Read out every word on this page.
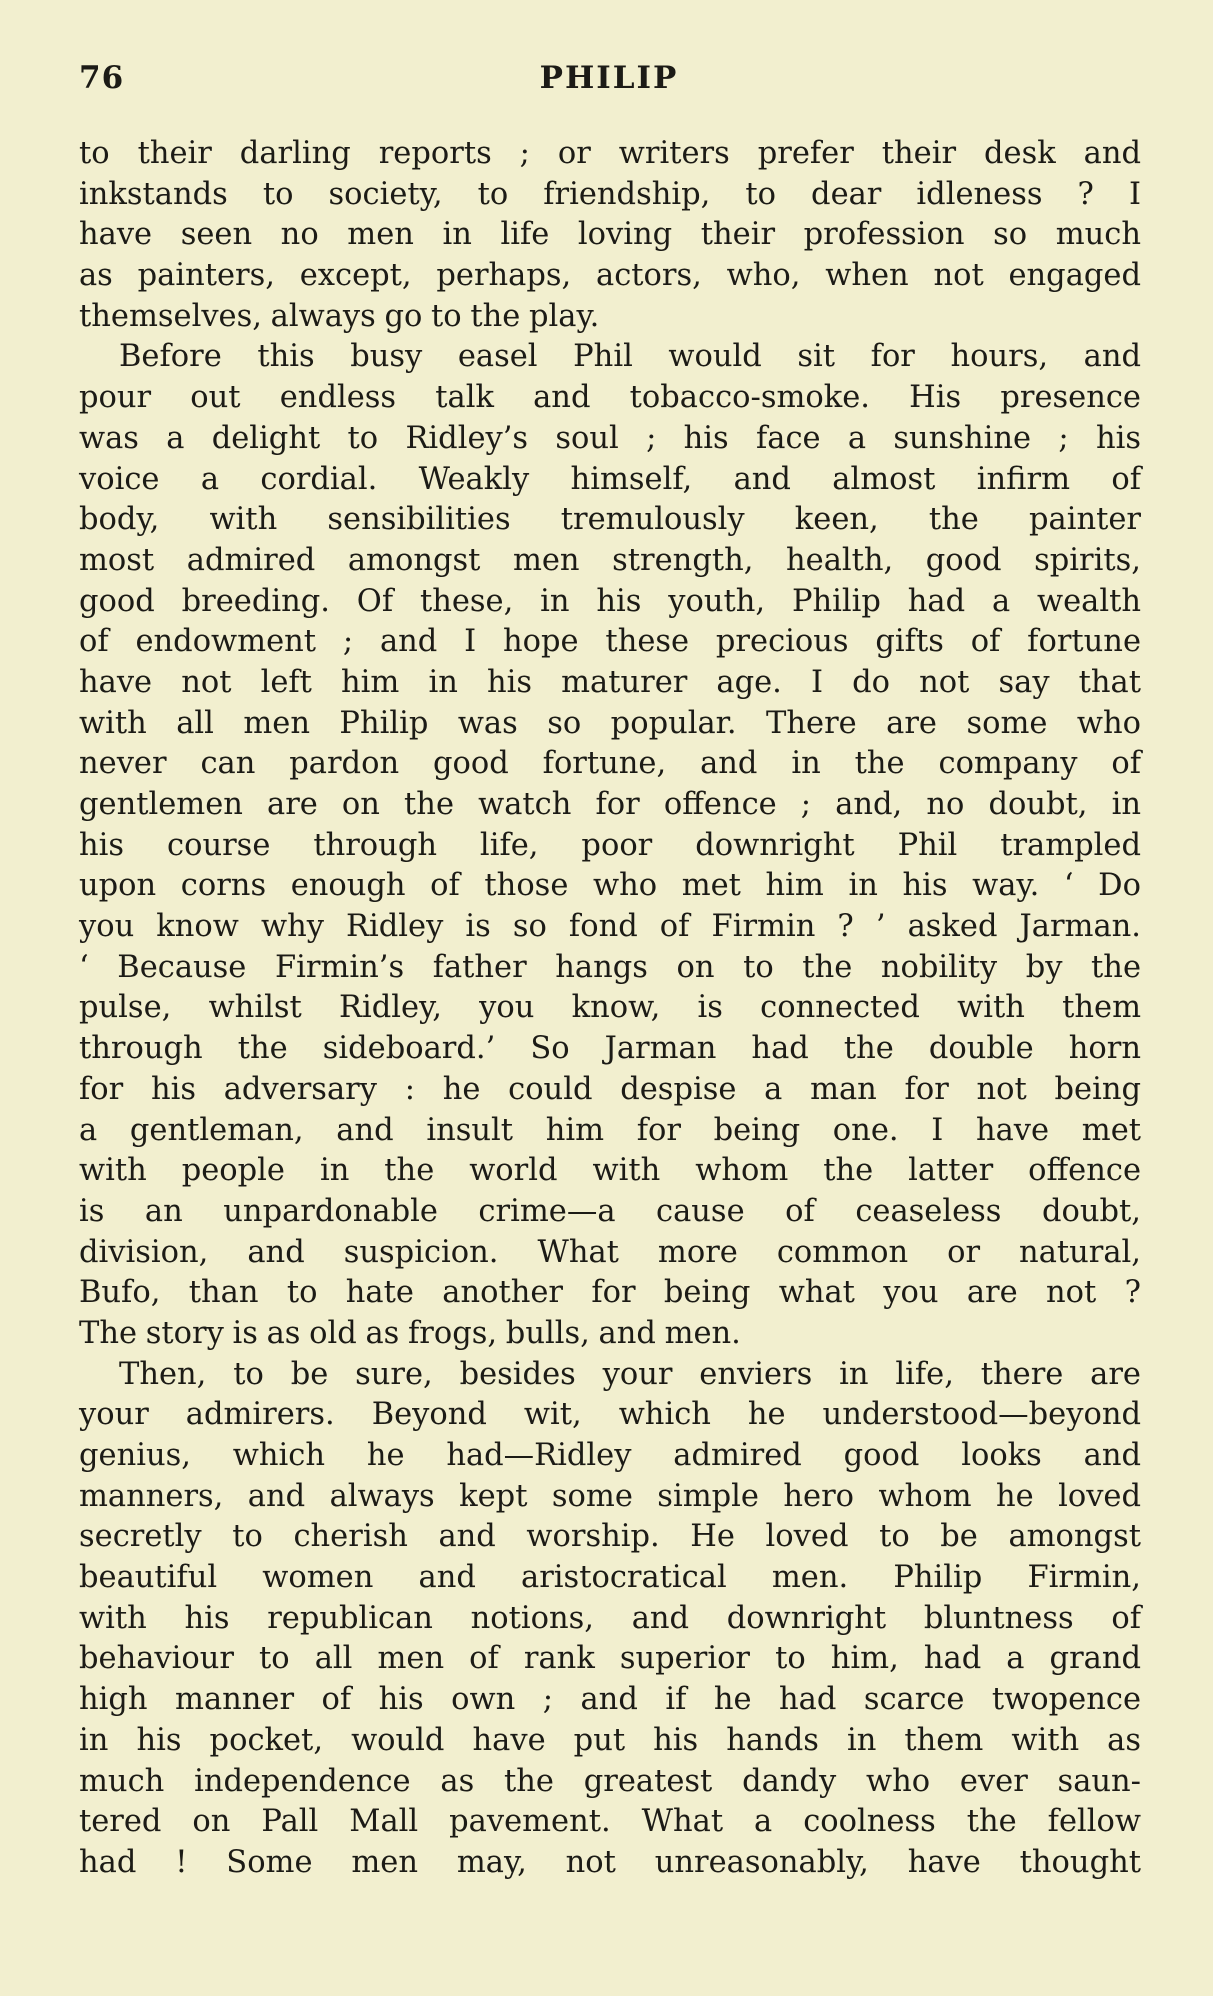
76	PHILIP
to their darling reports ; or writers prefer their desk and
inkstands to society, to friendship, to dear idleness ? I
have seen no men in life loving their profession so much
as painters, except, perhaps, actors, who, when not engaged
themselves, always go to the play.
Before this busy easel Phil would sit for hours, and
pour out endless talk and tobacco-smoke. His presence
was a delight to Ridley’s soul ; his face a sunshine ; his
voice a cordial. Weakly himself, and almost infirm of
body, with sensibilities tremulously keen, the painter
most admired amongst men strength, health, good spirits,
good breeding. Of these, in his youth, Philip had a wealth
of endowment ; and I hope these precious gifts of fortune
have not left him in his maturer age. I do not say that
with all men Philip was so popular. There are some who
never can pardon good fortune, and in the company of
gentlemen are on the watch for offence ; and, no doubt, in
his course through life, poor downright Phil trampled
upon corns enough of those who met him in his way. ‘ Do
you know why Ridley is so fond of Firmin ? ’ asked Jarman.
‘ Because Firmin’s father hangs on to the nobility by the
pulse, whilst Ridley, you know, is connected with them
through the sideboard.’ So Jarman had the double horn
for his adversary : he could despise a man for not being
a gentleman, and insult him for being one. I have met
with people in the world with whom the latter offence
is an unpardonable crime—a cause of ceaseless doubt,
division, and suspicion. What more common or natural,
Bufo, than to hate another for being what you are not ?
The story is as old as frogs, bulls, and men.
Then, to be sure, besides your enviers in life, there are
your admirers. Beyond wit, which he understood—beyond
genius, which he had—Ridley admired good looks and
manners, and always kept some simple hero whom he loved
secretly to cherish and worship. He loved to be amongst
beautiful women and aristocratical men. Philip Firmin,
with his republican notions, and downright bluntness of
behaviour to all men of rank superior to him, had a grand
high manner of his own ; and if he had scarce twopence
in his pocket, would have put his hands in them with as
much independence as the greatest dandy who ever saun-
tered on Pall Mall pavement. What a coolness the fellow
had ! Some men may, not unreasonably, have thought
